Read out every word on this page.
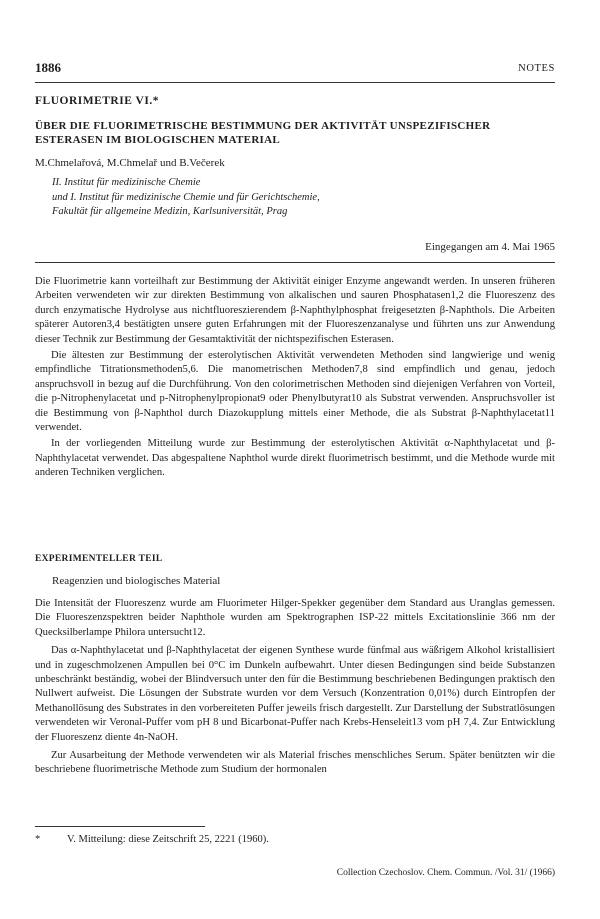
1886	NOTES
FLUORIMETRIE VI.*
ÜBER DIE FLUORIMETRISCHE BESTIMMUNG DER AKTIVITÄT UNSPEZIFISCHER ESTERASEN IM BIOLOGISCHEN MATERIAL
M.Chmelařová, M.Chmelař und B.Večerek
II. Institut für medizinische Chemie
und I. Institut für medizinische Chemie und für Gerichtschemie,
Fakultät für allgemeine Medizin, Karlsuniversität, Prag
Eingegangen am 4. Mai 1965

Die Fluorimetrie kann vorteilhaft zur Bestimmung der Aktivität einiger Enzyme angewandt werden. In unseren früheren Arbeiten verwendeten wir zur direkten Bestimmung von alkalischen und sauren Phosphatasen1,2 die Fluoreszenz des durch enzymatische Hydrolyse aus nichtfluoreszierendem β-Naphthylphosphat freigesetzten β-Naphthols. Die Arbeiten späterer Autoren3,4 bestätigten unsere guten Erfahrungen mit der Fluoreszenzanalyse und führten uns zur Anwendung dieser Technik zur Bestimmung der Gesamtaktivität der nichtspezifischen Esterasen.

Die ältesten zur Bestimmung der esterolytischen Aktivität verwendeten Methoden sind langwierige und wenig empfindliche Titrationsmethoden5,6. Die manometrischen Methoden7,8 sind empfindlich und genau, jedoch anspruchsvoll in bezug auf die Durchführung. Von den colorimetrischen Methoden sind diejenigen Verfahren von Vorteil, die p-Nitrophenylacetat und p-Nitrophenylpropionat9 oder Phenylbutyrat10 als Substrat verwenden. Anspruchsvoller ist die Bestimmung von β-Naphthol durch Diazokupplung mittels einer Methode, die als Substrat β-Naphthylacetat11 verwendet.

In der vorliegenden Mitteilung wurde zur Bestimmung der esterolytischen Aktivität α-Naphthylacetat und β-Naphthylacetat verwendet. Das abgespaltene Naphthol wurde direkt fluorimetrisch bestimmt, und die Methode wurde mit anderen Techniken verglichen.

EXPERIMENTELLER TEIL
Reagenzien und biologisches Material

Die Intensität der Fluoreszenz wurde am Fluorimeter Hilger-Spekker gegenüber dem Standard aus Uranglas gemessen. Die Fluoreszenzspektren beider Naphthole wurden am Spektrographen ISP-22 mittels Excitationslinie 366 nm der Quecksilberlampe Philora untersucht12.

Das α-Naphthylacetat und β-Naphthylacetat der eigenen Synthese wurde fünfmal aus wäßrigem Alkohol kristallisiert und in zugeschmolzenen Ampullen bei 0°C im Dunkeln aufbewahrt. Unter diesen Bedingungen sind beide Substanzen unbeschränkt beständig, wobei der Blindversuch unter den für die Bestimmung beschriebenen Bedingungen praktisch den Nullwert aufweist. Die Lösungen der Substrate wurden vor dem Versuch (Konzentration 0,01%) durch Eintropfen der Methanollösung des Substrates in den vorbereiteten Puffer jeweils frisch dargestellt. Zur Darstellung der Substratlösungen verwendeten wir Veronal-Puffer vom pH 8 und Bicarbonat-Puffer nach Krebs-Henseleit13 vom pH 7,4. Zur Entwicklung der Fluoreszenz diente 4n-NaOH.

Zur Ausarbeitung der Methode verwendeten wir als Material frisches menschliches Serum. Später benützten wir die beschriebene fluorimetrische Methode zum Studium der hormonalen

*	V. Mitteilung: diese Zeitschrift 25, 2221 (1960).
Collection Czechoslov. Chem. Commun. /Vol. 31/ (1966)
